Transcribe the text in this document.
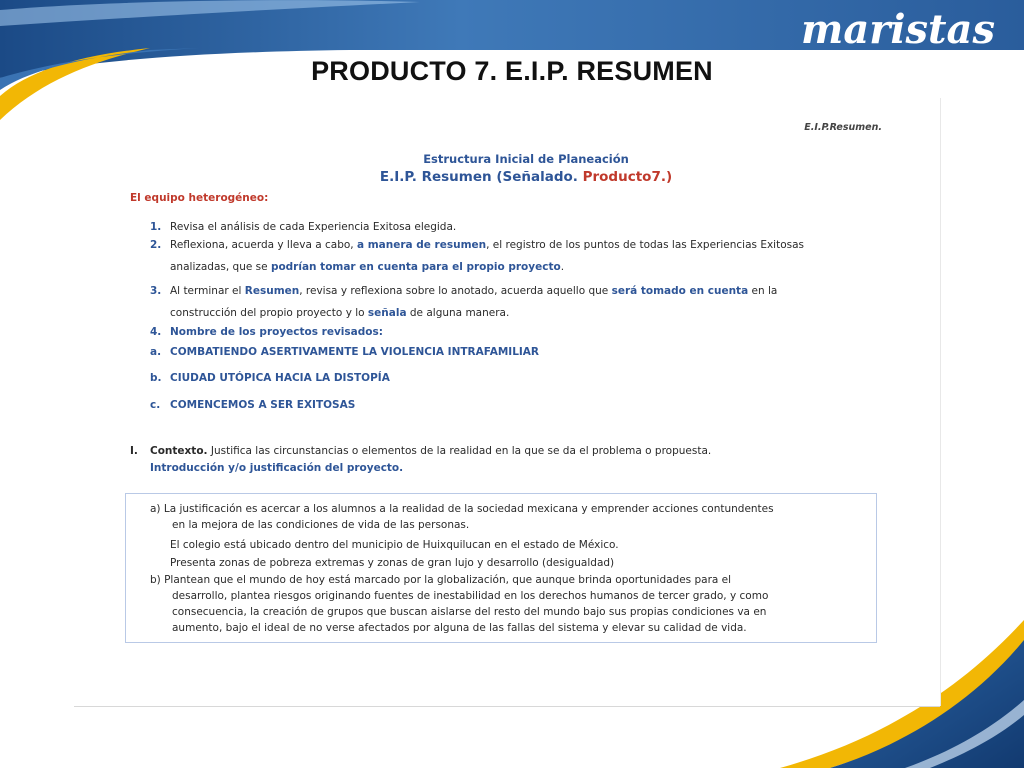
maristas
PRODUCTO 7. E.I.P. RESUMEN
E.I.P.Resumen.
Estructura Inicial de Planeación
E.I.P. Resumen (Señalado. Producto7.)
El equipo heterogéneo:
1. Revisa el análisis de cada Experiencia Exitosa elegida.
2. Reflexiona, acuerda y lleva a cabo, a manera de resumen, el registro de los puntos de todas las Experiencias Exitosas
analizadas, que se podrían tomar en cuenta para el propio proyecto.
3. Al terminar el Resumen, revisa y reflexiona sobre lo anotado, acuerda aquello que será tomado en cuenta en la
construcción del propio proyecto y lo señala de alguna manera.
4. Nombre de los proyectos revisados:
a. COMBATIENDO ASERTIVAMENTE LA VIOLENCIA INTRAFAMILIAR
b. CIUDAD UTÓPICA HACIA LA DISTOPÍA
c. COMENCEMOS A SER EXITOSAS
I. Contexto. Justifica las circunstancias o elementos de la realidad en la que se da el problema o propuesta.
Introducción y/o justificación del proyecto.
a) La justificación es acercar a los alumnos a la realidad de la sociedad mexicana y emprender acciones contundentes
en la mejora de las condiciones de vida de las personas.
El colegio está ubicado dentro del municipio de Huixquilucan en el estado de México.
Presenta zonas de pobreza extremas y zonas de gran lujo y desarrollo (desigualdad)
b) Plantean que el mundo de hoy está marcado por la globalización, que aunque brinda oportunidades para el
desarrollo, plantea riesgos originando fuentes de inestabilidad en los derechos humanos de tercer grado, y como
consecuencia, la creación de grupos que buscan aislarse del resto del mundo bajo sus propias condiciones va en
aumento, bajo el ideal de no verse afectados por alguna de las fallas del sistema y elevar su calidad de vida.
